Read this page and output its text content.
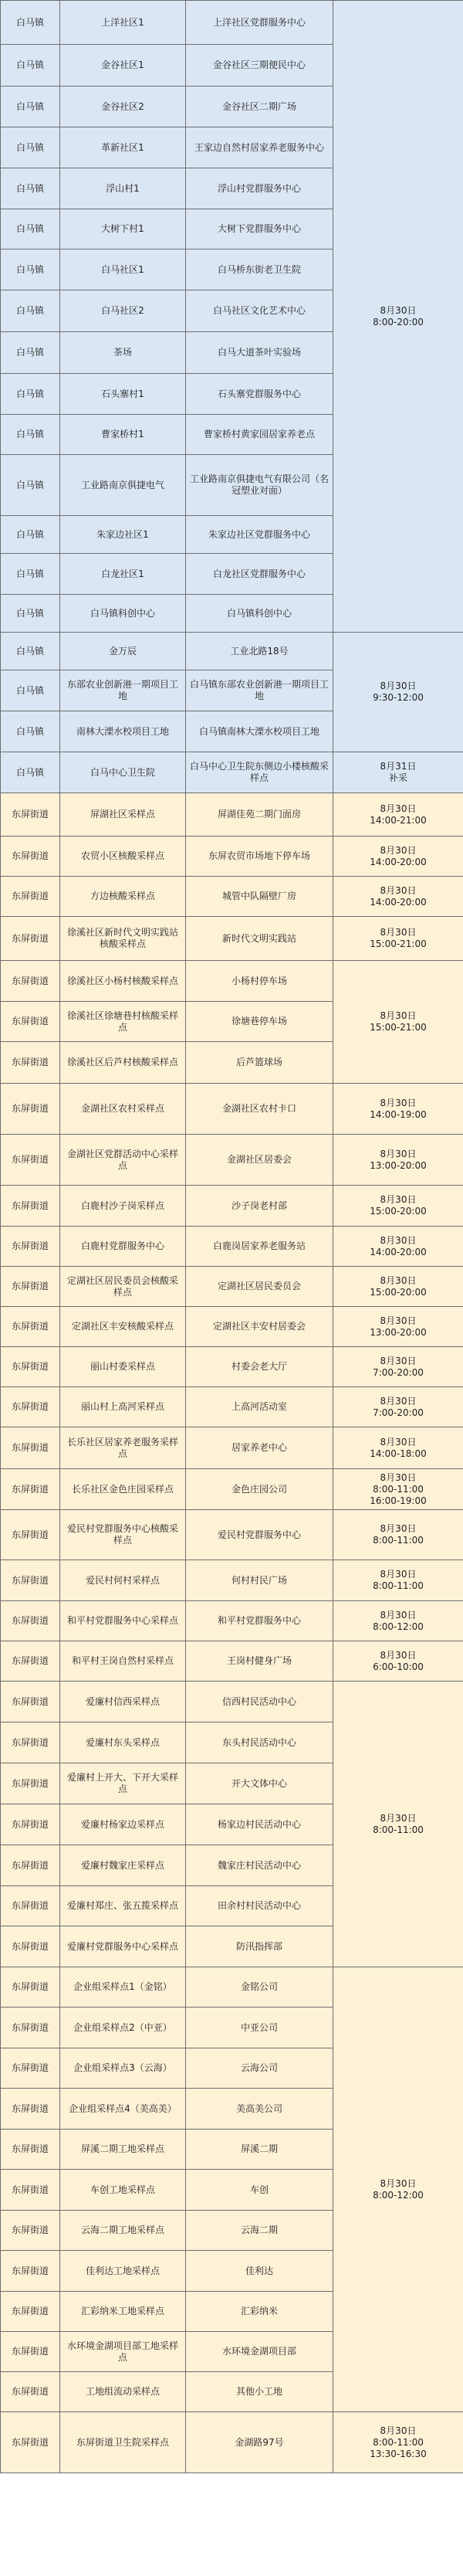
白马镇	上洋社区1	上洋社区党群服务中心	8月30日
8:00-20:00
白马镇	金谷社区1	金谷社区三期便民中心	
白马镇	金谷社区2	金谷社区二期广场	
白马镇	革新社区1	王家边自然村居家养老服务中心	
白马镇	浮山村1	浮山村党群服务中心	
白马镇	大树下村1	大树下党群服务中心	
白马镇	白马社区1	白马桥东街老卫生院	
白马镇	白马社区2	白马社区文化艺术中心	
白马镇	茶场	白马大道茶叶实验场	
白马镇	石头寨村1	石头寨党群服务中心	
白马镇	曹家桥村1	曹家桥村黄家园居家养老点	
白马镇	工业路南京俱捷电气	工业路南京俱捷电气有限公司（名冠塑业对面）	
白马镇	朱家边社区1	朱家边社区党群服务中心	
白马镇	白龙社区1	白龙社区党群服务中心	
白马镇	白马镇科创中心	白马镇科创中心	
白马镇	金万辰	工业北路18号	8月30日
9:30-12:00
白马镇	东部农业创新港一期项目工地	白马镇东部农业创新港一期项目工地	
白马镇	南林大溧水校项目工地	白马镇南林大溧水校项目工地	
白马镇	白马中心卫生院	白马中心卫生院东侧边小楼核酸采样点	8月31日
补采
东屏街道	屏湖社区采样点	屏湖佳苑二期门面房	8月30日
14:00-21:00
东屏街道	农贸小区核酸采样点	东屏农贸市场地下停车场	8月30日
14:00-20:00
东屏街道	方边核酸采样点	城管中队隔壁厂房	8月30日
14:00-20:00
东屏街道	徐溪社区新时代文明实践站核酸采样点	新时代文明实践站	8月30日
15:00-21:00
东屏街道	徐溪社区小杨村核酸采样点	小杨村停车场	8月30日
15:00-21:00
东屏街道	徐溪社区徐塘巷村核酸采样点	徐塘巷停车场	
东屏街道	徐溪社区后芦村核酸采样点	后芦篮球场	
东屏街道	金湖社区农村采样点	金湖社区农村卡口	8月30日
14:00-19:00
东屏街道	金湖社区党群活动中心采样点	金湖社区居委会	8月30日
13:00-20:00
东屏街道	白鹿村沙子岗采样点	沙子岗老村部	8月30日
15:00-20:00
东屏街道	白鹿村党群服务中心	白鹿岗居家养老服务站	8月30日
14:00-20:00
东屏街道	定湖社区居民委员会核酸采样点	定湖社区居民委员会	8月30日
15:00-20:00
东屏街道	定湖社区丰安核酸采样点	定湖社区丰安村居委会	8月30日
13:00-20:00
东屏街道	丽山村委采样点	村委会老大厅	8月30日
7:00-20:00
东屏街道	丽山村上高河采样点	上高河活动室	8月30日
7:00-20:00
东屏街道	长乐社区居家养老服务采样点	居家养老中心	8月30日
14:00-18:00
东屏街道	长乐社区金色庄园采样点	金色庄园公司	8月30日
8:00-11:00
16:00-19:00
东屏街道	爱民村党群服务中心核酸采样点	爱民村党群服务中心	8月30日
8:00-11:00
东屏街道	爱民村何村采样点	何村村民广场	8月30日
8:00-11:00
东屏街道	和平村党群服务中心采样点	和平村党群服务中心	8月30日
8:00-12:00
东屏街道	和平村王岗自然村采样点	王岗村健身广场	8月30日
6:00-10:00
东屏街道	爱廉村信西采样点	信西村民活动中心	8月30日
8:00-11:00
东屏街道	爱廉村东头采样点	东头村民活动中心	
东屏街道	爱廉村上开大、下开大采样点	开大文体中心	
东屏街道	爱廉村杨家边采样点	杨家边村民活动中心	
东屏街道	爱廉村魏家庄采样点	魏家庄村民活动中心	
东屏街道	爱廉村郑庄、张五揽采样点	田余村村民活动中心	
东屏街道	爱廉村党群服务中心采样点	防汛指挥部	
东屏街道	企业组采样点1（金铭）	金铭公司	8月30日
8:00-12:00
东屏街道	企业组采样点2（中亚）	中亚公司	
东屏街道	企业组采样点3（云海）	云海公司	
东屏街道	企业组采样点4（美高美）	美高美公司	
东屏街道	屏溪二期工地采样点	屏溪二期	
东屏街道	车创工地采样点	车创	
东屏街道	云海二期工地采样点	云海二期	
东屏街道	佳利达工地采样点	佳利达	
东屏街道	汇彩纳米工地采样点	汇彩纳米	
东屏街道	水环境金湖项目部工地采样点	水环境金湖项目部	
东屏街道	工地组流动采样点	其他小工地	
东屏街道	东屏街道卫生院采样点	金湖路97号	8月30日
8:00-11:00
13:30-16:30
